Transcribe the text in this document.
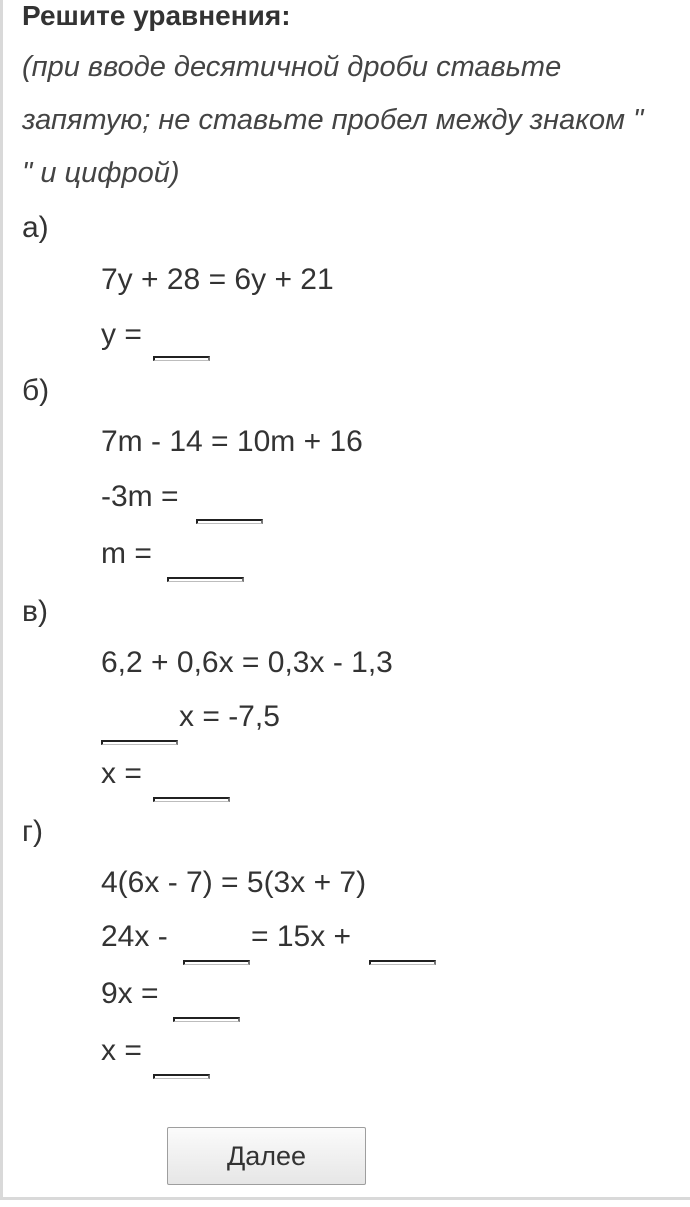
Решите уравнения:
(при вводе десятичной дроби ставьте
запятую; не ставьте пробел между знаком "
" и цифрой)
а)
7y + 28 = 6y + 21
y =
б)
7m - 14 = 10m + 16
-3m =
m =
в)
6,2 + 0,6x = 0,3x - 1,3
x = -7,5
x =
г)
4(6x - 7) = 5(3x + 7)
24x -	= 15x +
9x =
x =
Далее
